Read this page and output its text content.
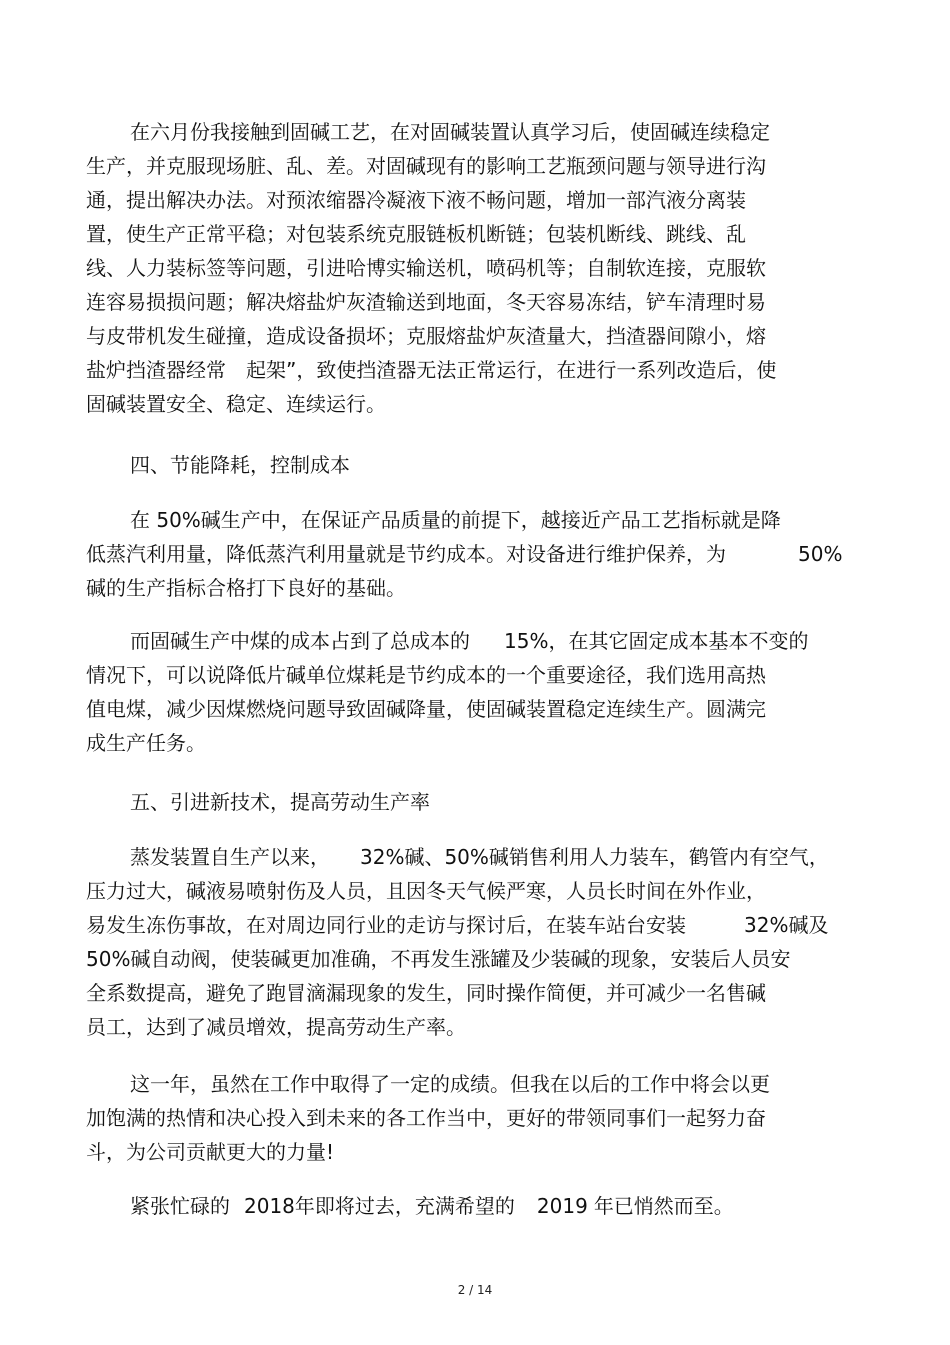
在六月份我接触到固碱工艺，在对固碱装置认真学习后，使固碱连续稳定
生产，并克服现场脏、乱、差。对固碱现有的影响工艺瓶颈问题与领导进行沟
通，提出解决办法。对预浓缩器冷凝液下液不畅问题，增加一部汽液分离装
置，使生产正常平稳；对包装系统克服链板机断链；包装机断线、跳线、乱
线、人力装标签等问题，引进哈博实输送机，喷码机等；自制软连接，克服软
连容易损损问题；解决熔盐炉灰渣输送到地面，冬天容易冻结，铲车清理时易
与皮带机发生碰撞，造成设备损坏；克服熔盐炉灰渣量大，挡渣器间隙小，熔
盐炉挡渣器经常　起架”，致使挡渣器无法正常运行，在进行一系列改造后，使
固碱装置安全、稳定、连续运行。
四、节能降耗，控制成本
在 50%碱生产中，在保证产品质量的前提下，越接近产品工艺指标就是降
低蒸汽利用量，降低蒸汽利用量就是节约成本。对设备进行维护保养，为	50%
碱的生产指标合格打下良好的基础。
而固碱生产中煤的成本占到了总成本的 15%，在其它固定成本基本不变的
情况下，可以说降低片碱单位煤耗是节约成本的一个重要途径，我们选用高热
值电煤，减少因煤燃烧问题导致固碱降量，使固碱装置稳定连续生产。圆满完
成生产任务。
五、引进新技术，提高劳动生产率
蒸发装置自生产以来， 32%碱、50%碱销售利用人力装车，鹤管内有空气，
压力过大，碱液易喷射伤及人员，且因冬天气候严寒，人员长时间在外作业，
易发生冻伤事故，在对周边同行业的走访与探讨后，在装车站台安装	32%碱及
50%碱自动阀，使装碱更加准确，不再发生涨罐及少装碱的现象，安装后人员安
全系数提高，避免了跑冒滴漏现象的发生，同时操作简便，并可减少一名售碱
员工，达到了减员增效，提高劳动生产率。
这一年，虽然在工作中取得了一定的成绩。但我在以后的工作中将会以更
加饱满的热情和决心投入到未来的各工作当中，更好的带领同事们一起努力奋
斗，为公司贡献更大的力量!
紧张忙碌的 2018年即将过去，充满希望的 2019 年已悄然而至。
2 / 14
